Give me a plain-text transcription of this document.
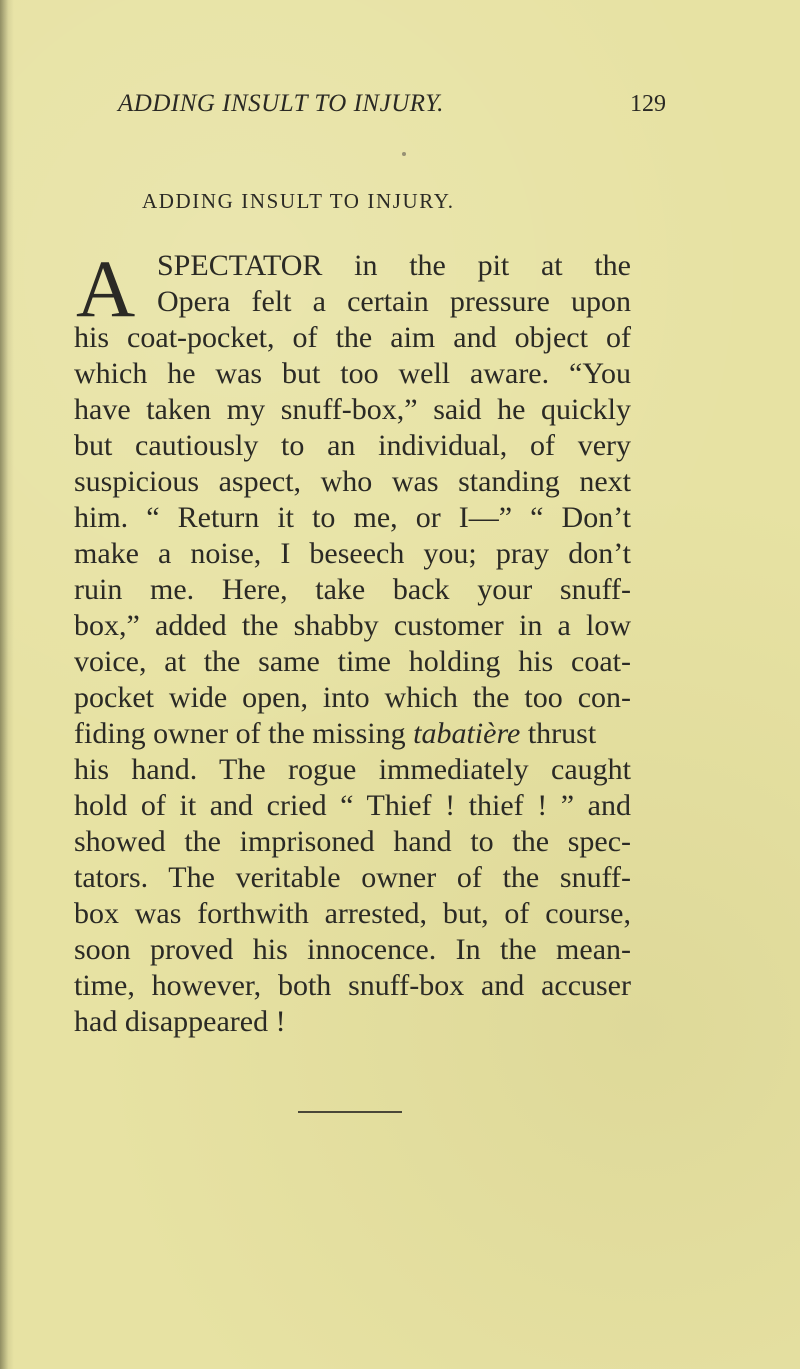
ADDING INSULT TO INJURY.	129
ADDING INSULT TO INJURY.
A SPECTATOR in the pit at the
Opera felt a certain pressure upon
his coat-pocket, of the aim and object of
which he was but too well aware. “You
have taken my snuff-box,” said he quickly
but cautiously to an individual, of very
suspicious aspect, who was standing next
him. “ Return it to me, or I—” “ Don’t
make a noise, I beseech you; pray don’t
ruin me. Here, take back your snuff-
box,” added the shabby customer in a low
voice, at the same time holding his coat-
pocket wide open, into which the too con-
fiding owner of the missing tabatière thrust
his hand. The rogue immediately caught
hold of it and cried “ Thief ! thief ! ” and
showed the imprisoned hand to the spec-
tators. The veritable owner of the snuff-
box was forthwith arrested, but, of course,
soon proved his innocence. In the mean-
time, however, both snuff-box and accuser
had disappeared !
